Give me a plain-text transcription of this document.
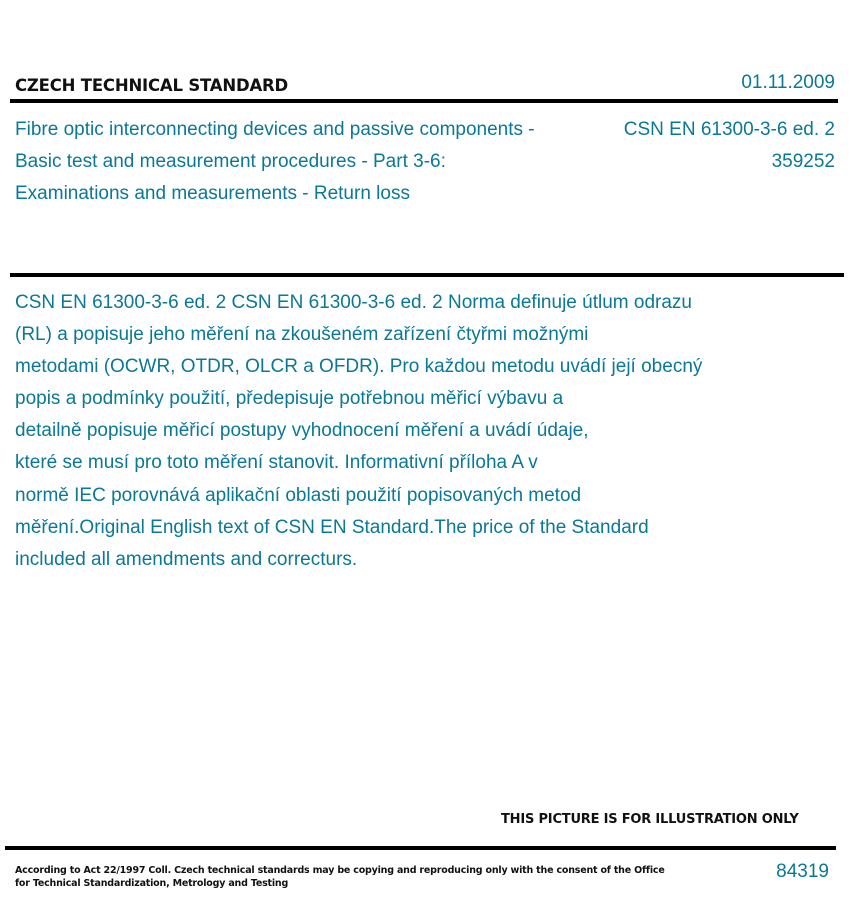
CZECH TECHNICAL STANDARD	01.11.2009
Fibre optic interconnecting devices and passive components - Basic test and measurement procedures - Part 3-6: Examinations and measurements - Return loss
CSN EN 61300-3-6 ed. 2
359252
CSN EN 61300-3-6 ed. 2 CSN EN 61300-3-6 ed. 2 Norma definuje útlum odrazu
(RL) a popisuje jeho měření na zkoušeném zařízení čtyřmi možnými
metodami (OCWR, OTDR, OLCR a OFDR). Pro každou metodu uvádí její obecný
popis a podmínky použití, předepisuje potřebnou měřicí výbavu a
detailně popisuje měřicí postupy vyhodnocení měření a uvádí údaje,
které se musí pro toto měření stanovit. Informativní příloha A v
normě IEC porovnává aplikační oblasti použití popisovaných metod
měření.Original English text of CSN EN Standard.The price of the Standard
included all amendments and correcturs.
THIS PICTURE IS FOR ILLUSTRATION ONLY
According to Act 22/1997 Coll. Czech technical standards may be copying and reproducing only with the consent of the Office
for Technical Standardization, Metrology and Testing
84319
